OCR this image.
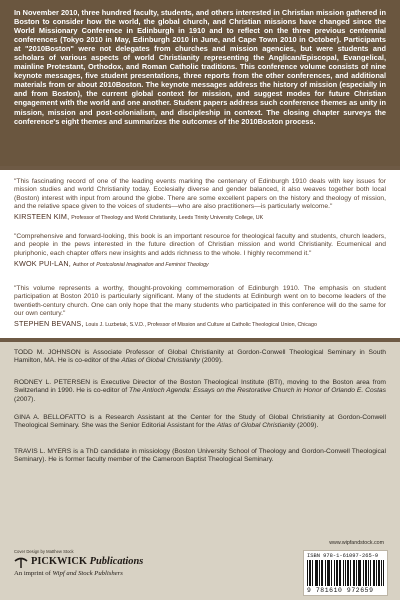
In November 2010, three hundred faculty, students, and others interested in Christian mission gathered in Boston to consider how the world, the global church, and Christian missions have changed since the World Missionary Conference in Edinburgh in 1910 and to reflect on the three previous centennial conferences (Tokyo 2010 in May, Edinburgh 2010 in June, and Cape Town 2010 in October). Participants at "2010Boston" were not delegates from churches and mission agencies, but were students and scholars of various aspects of world Christianity representing the Anglican/Episcopal, Evangelical, mainline Protestant, Orthodox, and Roman Catholic traditions. This conference volume consists of nine keynote messages, five student presentations, three reports from the other conferences, and additional materials from or about 2010Boston. The keynote messages address the history of mission (especially in and from Boston), the current global context for mission, and suggest modes for future Christian engagement with the world and one another. Student papers address such conference themes as unity in mission, mission and post-colonialism, and discipleship in context. The closing chapter surveys the conference's eight themes and summarizes the outcomes of the 2010Boston process.

"This fascinating record of one of the leading events marking the centenary of Edinburgh 1910 deals with key issues for mission studies and world Christianity today. Ecclesially diverse and gender balanced, it also weaves together both local (Boston) interest with input from around the globe. There are some excellent papers on the history and theology of mission, and the relative space given to the voices of students—who are also practitioners—is particularly welcome."

KIRSTEEN KIM, Professor of Theology and World Christianity, Leeds Trinity University College, UK

"Comprehensive and forward-looking, this book is an important resource for theological faculty and students, church leaders, and people in the pews interested in the future direction of Christian mission and world Christianity. Ecumenical and pluriphonic, each chapter offers new insights and adds richness to the whole. I highly recommend it."

KWOK PUI-LAN, Author of Postcolonial Imagination and Feminist Theology

"This volume represents a worthy, thought-provoking commemoration of Edinburgh 1910. The emphasis on student participation at Boston 2010 is particularly significant. Many of the students at Edinburgh went on to become leaders of the twentieth-century church. One can only hope that the many students who participated in this conference will do the same for our own century."

STEPHEN BEVANS, Louis J. Luzbetak, S.V.D., Professor of Mission and Culture at Catholic Theological Union, Chicago

TODD M. JOHNSON is Associate Professor of Global Christianity at Gordon-Conwell Theological Seminary in South Hamilton, MA. He is co-editor of the Atlas of Global Christianity (2009).

RODNEY L. PETERSEN is Executive Director of the Boston Theological Institute (BTI), moving to the Boston area from Switzerland in 1990. He is co-editor of The Antioch Agenda: Essays on the Restorative Church in Honor of Orlando E. Costas (2007).

GINA A. BELLOFATTO is a Research Assistant at the Center for the Study of Global Christianity at Gordon-Conwell Theological Seminary. She was the Senior Editorial Assistant for the Atlas of Global Christianity (2009).

TRAVIS L. MYERS is a ThD candidate in missiology (Boston University School of Theology and Gordon-Conwell Theological Seminary). He is former faculty member of the Cameroon Baptist Theological Seminary.

www.wipfandstock.com

Cover Design by Matthew Stock

PICKWICK Publications

An imprint of Wipf and Stock Publishers

ISBN 978-1-61097-265-9

9 781610 972659
